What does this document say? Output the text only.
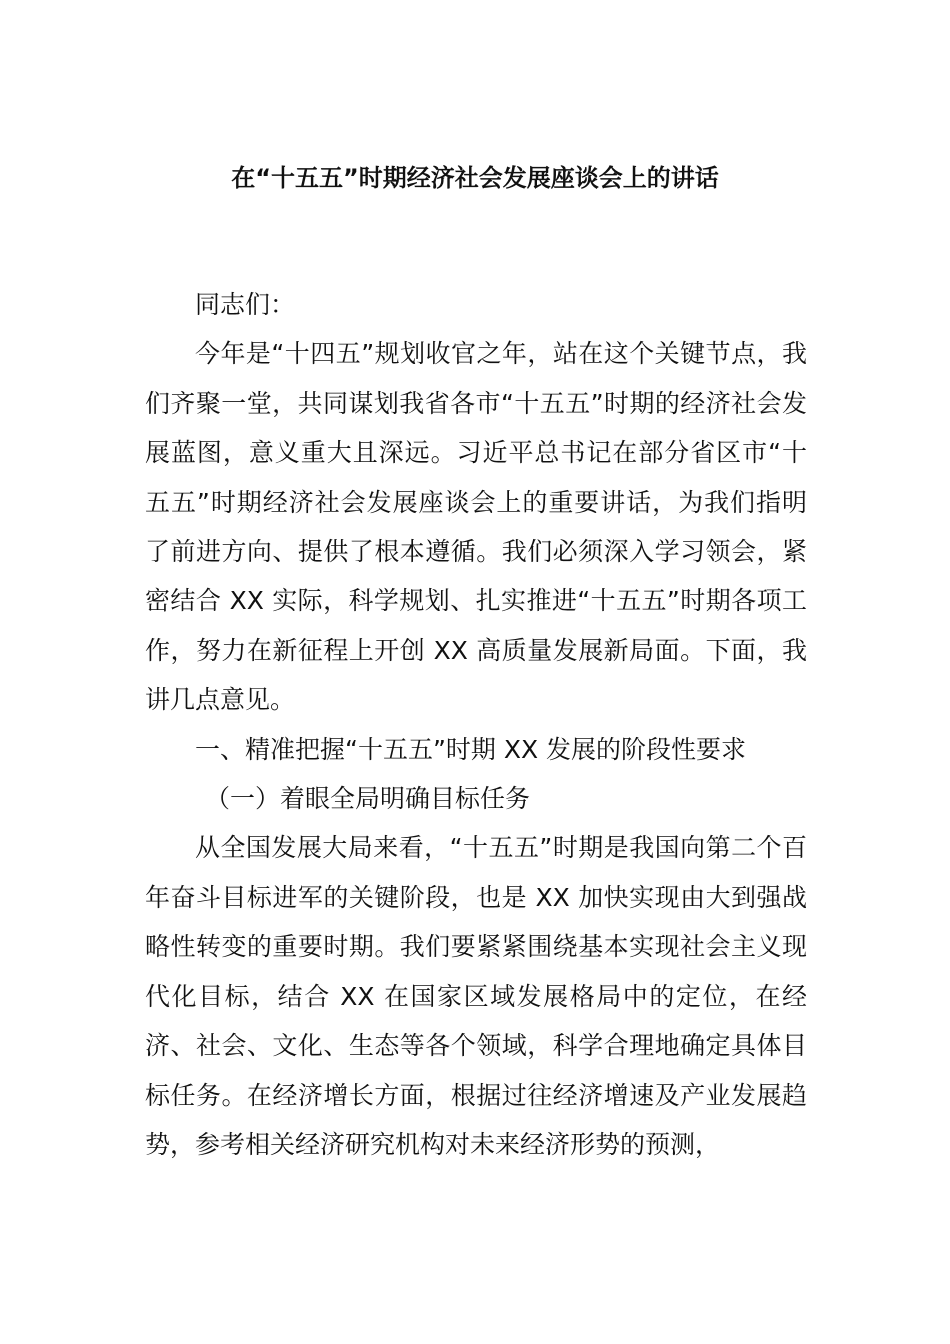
在“十五五”时期经济社会发展座谈会上的讲话

同志们：

今年是“十四五”规划收官之年，站在这个关键节点，我们齐聚一堂，共同谋划我省各市“十五五”时期的经济社会发展蓝图，意义重大且深远。习近平总书记在部分省区市“十五五”时期经济社会发展座谈会上的重要讲话，为我们指明了前进方向、提供了根本遵循。我们必须深入学习领会，紧密结合 XX 实际，科学规划、扎实推进“十五五”时期各项工作，努力在新征程上开创 XX 高质量发展新局面。下面，我讲几点意见。

一、精准把握“十五五”时期 XX 发展的阶段性要求

（一）着眼全局明确目标任务

从全国发展大局来看，“十五五”时期是我国向第二个百年奋斗目标进军的关键阶段，也是 XX 加快实现由大到强战略性转变的重要时期。我们要紧紧围绕基本实现社会主义现代化目标，结合 XX 在国家区域发展格局中的定位，在经济、社会、文化、生态等各个领域，科学合理地确定具体目标任务。在经济增长方面，根据过往经济增速及产业发展趋势，参考相关经济研究机构对未来经济形势的预测，
